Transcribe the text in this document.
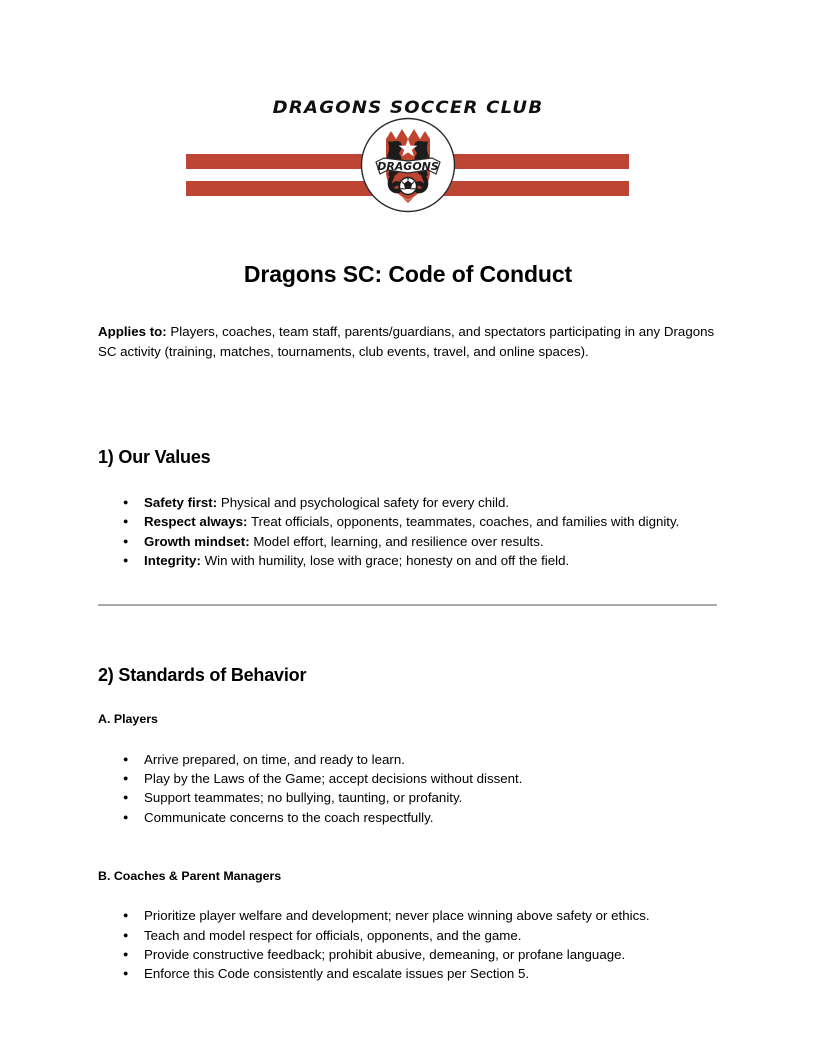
DRAGONS SOCCER CLUB
DRAGONS
Dragons SC: Code of Conduct

Applies to: Players, coaches, team staff, parents/guardians, and spectators participating in any Dragons SC activity (training, matches, tournaments, club events, travel, and online spaces).

1) Our Values
● Safety first: Physical and psychological safety for every child.
● Respect always: Treat officials, opponents, teammates, coaches, and families with dignity.
● Growth mindset: Model effort, learning, and resilience over results.
● Integrity: Win with humility, lose with grace; honesty on and off the field.
2) Standards of Behavior
A. Players
● Arrive prepared, on time, and ready to learn.
● Play by the Laws of the Game; accept decisions without dissent.
● Support teammates; no bullying, taunting, or profanity.
● Communicate concerns to the coach respectfully.
B. Coaches & Parent Managers
● Prioritize player welfare and development; never place winning above safety or ethics.
● Teach and model respect for officials, opponents, and the game.
● Provide constructive feedback; prohibit abusive, demeaning, or profane language.
● Enforce this Code consistently and escalate issues per Section 5.
